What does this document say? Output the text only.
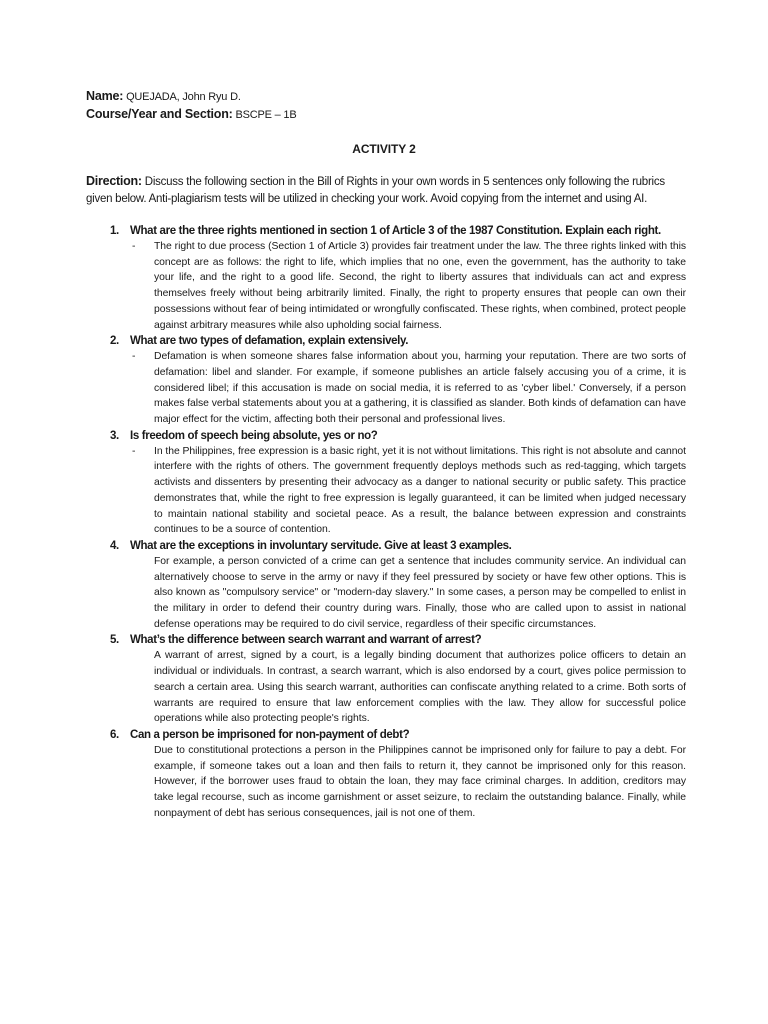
Name: QUEJADA, John Ryu D.
Course/Year and Section: BSCPE – 1B
ACTIVITY 2
Direction: Discuss the following section in the Bill of Rights in your own words in 5 sentences only following the rubrics given below. Anti-plagiarism tests will be utilized in checking your work. Avoid copying from the internet and using AI.
1. What are the three rights mentioned in section 1 of Article 3 of the 1987 Constitution. Explain each right.
-	The right to due process (Section 1 of Article 3) provides fair treatment under the law. The three rights linked with this concept are as follows: the right to life, which implies that no one, even the government, has the authority to take your life, and the right to a good life. Second, the right to liberty assures that individuals can act and express themselves freely without being arbitrarily limited. Finally, the right to property ensures that people can own their possessions without fear of being intimidated or wrongfully confiscated. These rights, when combined, protect people against arbitrary measures while also upholding social fairness.
2. What are two types of defamation, explain extensively.
-	Defamation is when someone shares false information about you, harming your reputation. There are two sorts of defamation: libel and slander. For example, if someone publishes an article falsely accusing you of a crime, it is considered libel; if this accusation is made on social media, it is referred to as 'cyber libel.' Conversely, if a person makes false verbal statements about you at a gathering, it is classified as slander. Both kinds of defamation can have major effect for the victim, affecting both their personal and professional lives.
3. Is freedom of speech being absolute, yes or no?
-	In the Philippines, free expression is a basic right, yet it is not without limitations. This right is not absolute and cannot interfere with the rights of others. The government frequently deploys methods such as red-tagging, which targets activists and dissenters by presenting their advocacy as a danger to national security or public safety. This practice demonstrates that, while the right to free expression is legally guaranteed, it can be limited when judged necessary to maintain national stability and societal peace. As a result, the balance between expression and constraints continues to be a source of contention.
4. What are the exceptions in involuntary servitude. Give at least 3 examples.
For example, a person convicted of a crime can get a sentence that includes community service. An individual can alternatively choose to serve in the army or navy if they feel pressured by society or have few other options. This is also known as "compulsory service" or "modern-day slavery." In some cases, a person may be compelled to enlist in the military in order to defend their country during wars. Finally, those who are called upon to assist in national defense operations may be required to do civil service, regardless of their specific circumstances.
5. What’s the difference between search warrant and warrant of arrest?
A warrant of arrest, signed by a court, is a legally binding document that authorizes police officers to detain an individual or individuals. In contrast, a search warrant, which is also endorsed by a court, gives police permission to search a certain area. Using this search warrant, authorities can confiscate anything related to a crime. Both sorts of warrants are required to ensure that law enforcement complies with the law. They allow for successful police operations while also protecting people's rights.
6. Can a person be imprisoned for non-payment of debt?
Due to constitutional protections a person in the Philippines cannot be imprisoned only for failure to pay a debt. For example, if someone takes out a loan and then fails to return it, they cannot be imprisoned only for this reason. However, if the borrower uses fraud to obtain the loan, they may face criminal charges. In addition, creditors may take legal recourse, such as income garnishment or asset seizure, to reclaim the outstanding balance. Finally, while nonpayment of debt has serious consequences, jail is not one of them.
